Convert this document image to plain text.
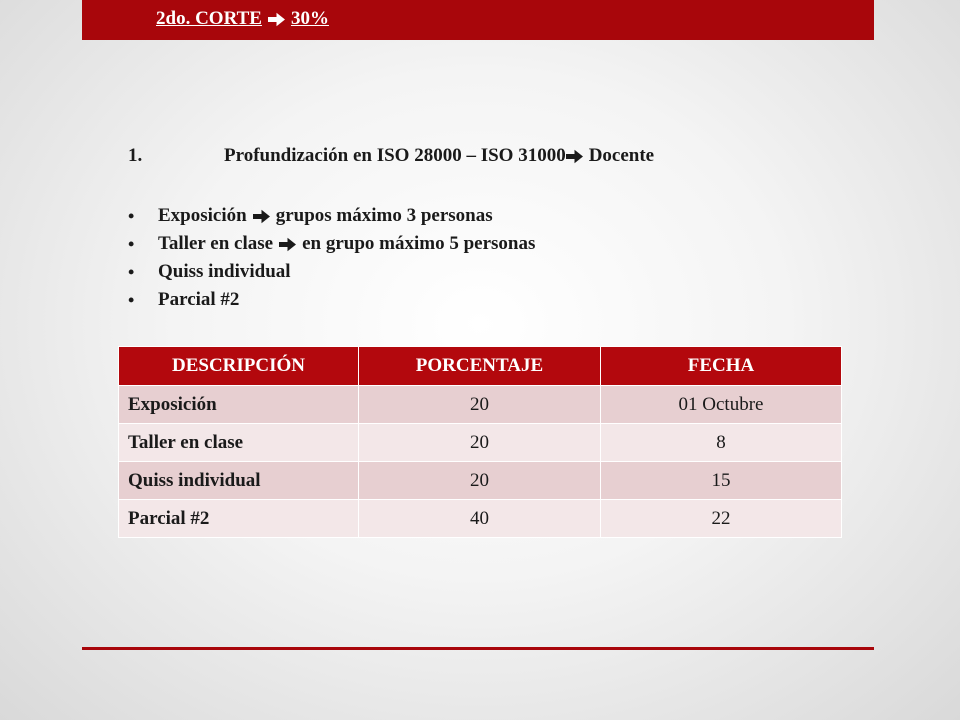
2do. CORTE 30%
1.	Profundización en ISO 28000 – ISO 31000 Docente
•	Exposición grupos máximo 3 personas
•	Taller en clase en grupo máximo 5 personas
•	Quiss individual
•	Parcial #2
DESCRIPCIÓN	PORCENTAJE	FECHA
Exposición	20	01 Octubre
Taller en clase	20	8
Quiss individual	20	15
Parcial #2	40	22
